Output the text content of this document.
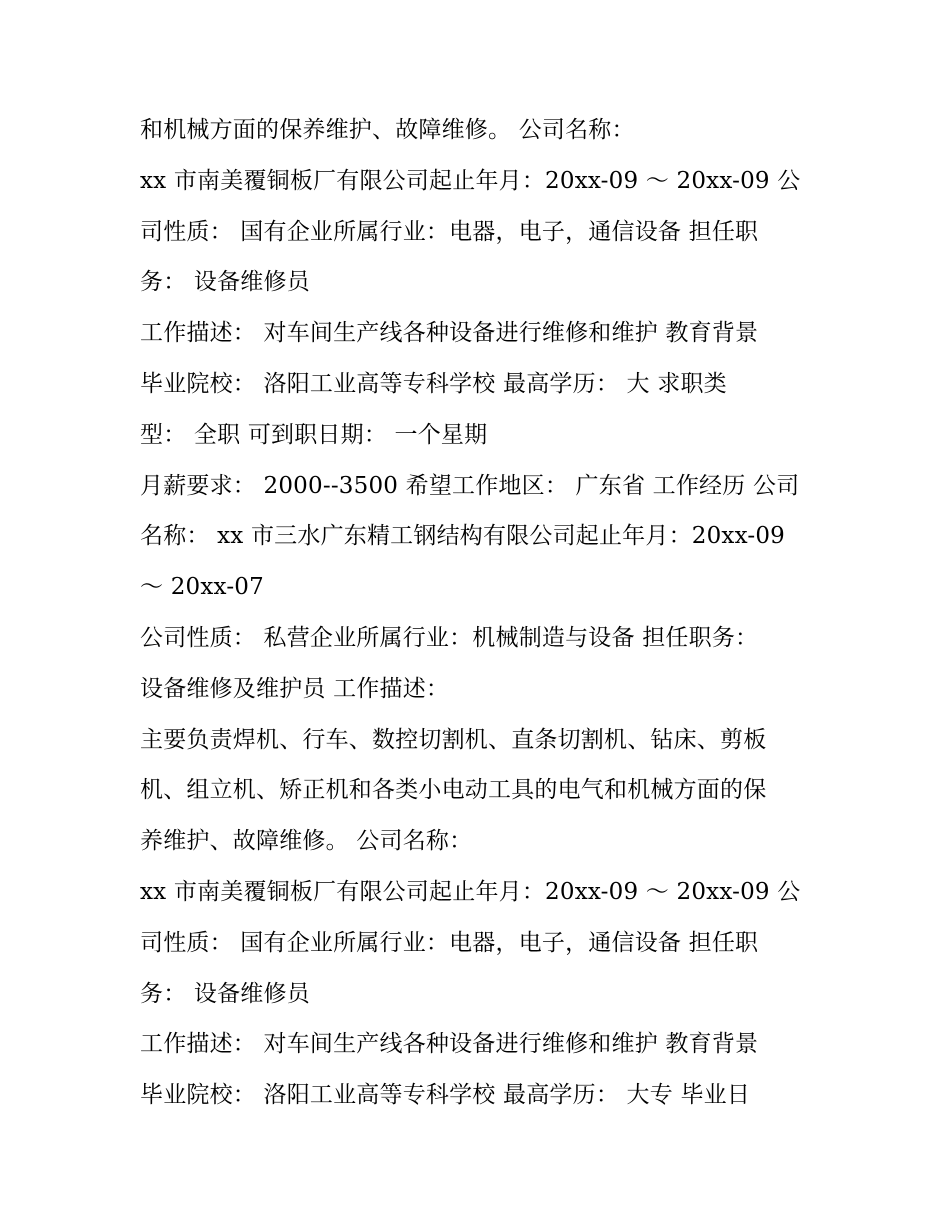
和机械方面的保养维护、故障维修。 公司名称：

xx 市南美覆铜板厂有限公司起止年月：20xx-09 ～ 20xx-09 公

司性质： 国有企业所属行业：电器，电子，通信设备 担任职

务： 设备维修员

工作描述： 对车间生产线各种设备进行维修和维护 教育背景

毕业院校： 洛阳工业高等专科学校 最高学历： 大 求职类

型： 全职 可到职日期： 一个星期

月薪要求： 2000--3500 希望工作地区： 广东省 工作经历 公司

名称： xx 市三水广东精工钢结构有限公司起止年月：20xx-09

～ 20xx-07

公司性质： 私营企业所属行业：机械制造与设备 担任职务：

设备维修及维护员 工作描述：

主要负责焊机、行车、数控切割机、直条切割机、钻床、剪板

机、组立机、矫正机和各类小电动工具的电气和机械方面的保

养维护、故障维修。 公司名称：

xx 市南美覆铜板厂有限公司起止年月：20xx-09 ～ 20xx-09 公

司性质： 国有企业所属行业：电器，电子，通信设备 担任职

务： 设备维修员

工作描述： 对车间生产线各种设备进行维修和维护 教育背景

毕业院校： 洛阳工业高等专科学校 最高学历： 大专 毕业日
